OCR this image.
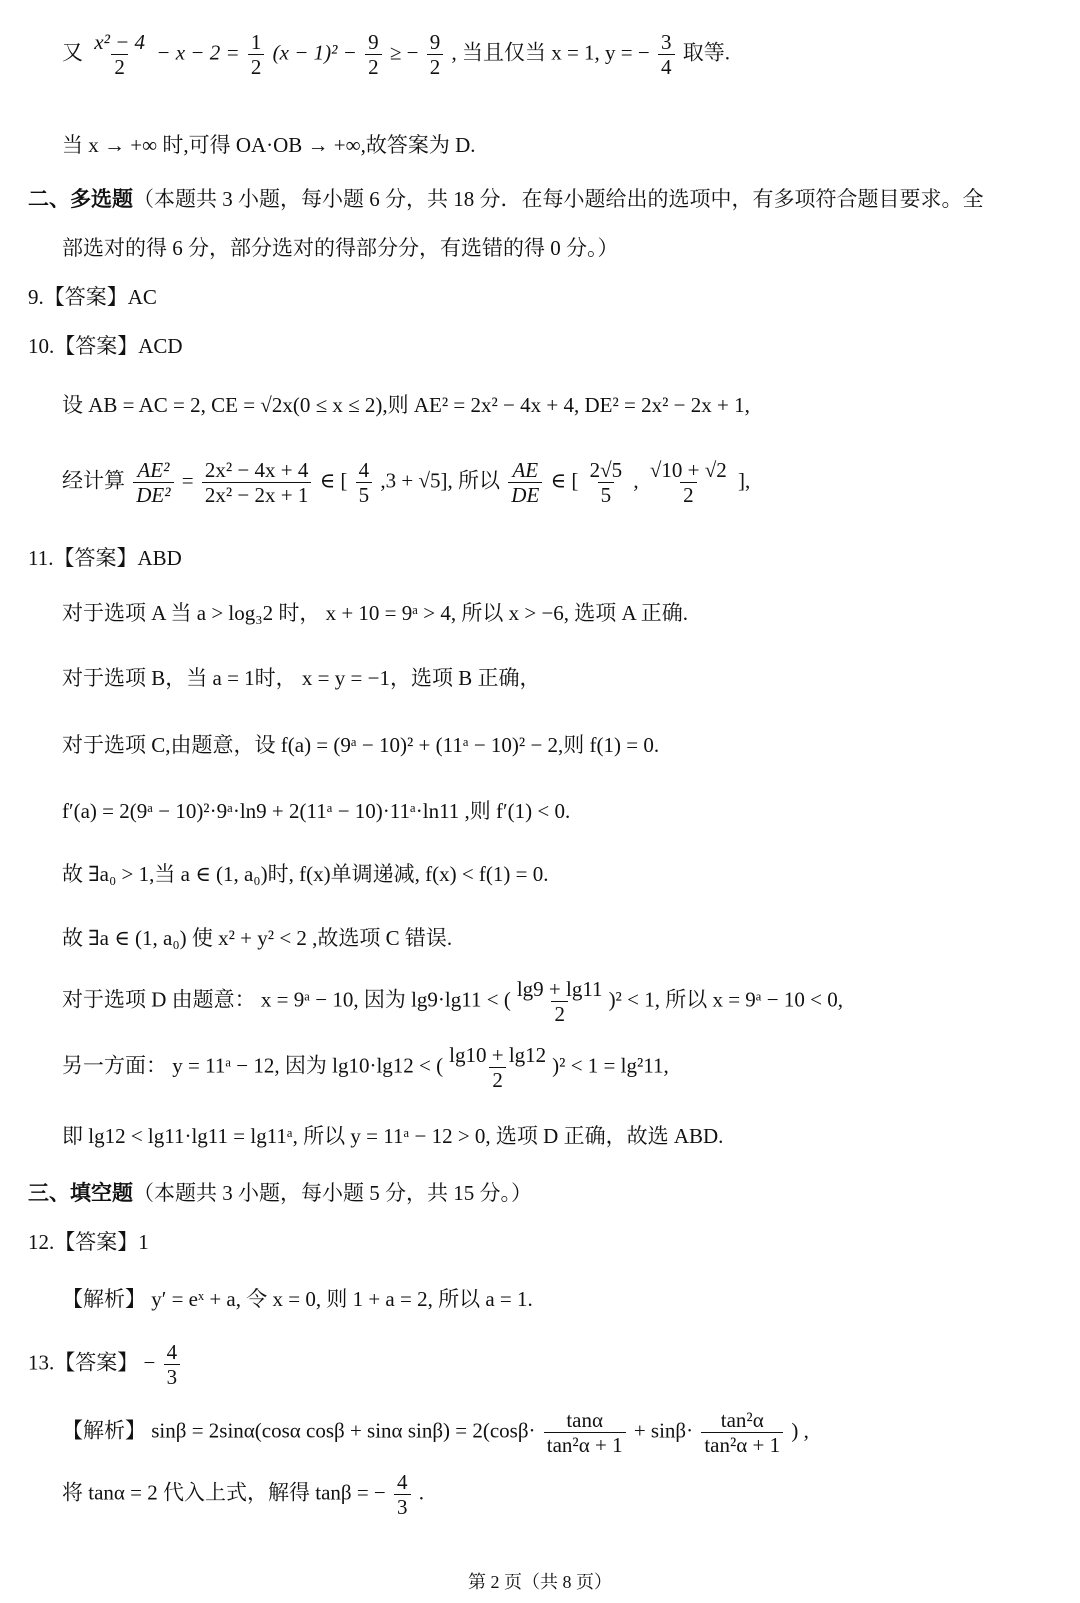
又 $\frac{\text{x² − 4}}{2} - x - 2 = \frac{1}{2} (x - 1)^2 - \frac{9}{2}$ ≥ − $\frac{9}{2}$ , 当且仅当 x = 1, y = − $\frac{3}{4}$ 取等.
当 x → +∞ 时,可得 OA·OB → +∞,故答案为 D.
二、多选题（本题共 3 小题，每小题 6 分，共 18 分．在每小题给出的选项中，有多项符合题目要求。全
部选对的得 6 分，部分选对的得部分分，有选错的得 0 分。）
9.【答案】AC
10.【答案】ACD
设 AB = AC = 2, CE = √2x(0 ≤ x ≤ 2),则 AE² = 2x² − 4x + 4, DE² = 2x² − 2x + 1,
经计算 $\frac{\text{AE²}}{\text{DE²}} = \frac{\text{2x² − 4x + 4}}{\text{2x² − 2x + 1}}$ ∈ [ $\frac{4}{5} ,3 + √5$], 所以 $\frac{AE}{DE}$ ∈ [ $\frac{2√5}{5}$ , $\frac{√10 + √2}{2}$ ],
11.【答案】ABD
对于选项 A 当 a > log₃2 时， x + 10 = 9ᵃ > 4, 所以 x > −6, 选项 A 正确.
对于选项 B，当 a = 1时， x = y = −1，选项 B 正确，
对于选项 C,由题意，设 f(a) = (9ᵃ − 10)² + (11ᵃ − 10)² − 2,则 f(1) = 0.
f′(a) = 2(9ᵃ − 10)²·9ᵃ·ln9 + 2(11ᵃ − 10)·11ᵃ·ln11 ,则 f′(1) < 0.
故 ∃a₀ > 1,当 a ∈ (1, a₀)时, f(x)单调递减, f(x) < f(1) = 0.
故 ∃a ∈ (1, a₀) 使 x² + y² < 2 ,故选项 C 错误.
对于选项 D 由题意： x = 9ᵃ − 10, 因为 lg9·lg11 < ( $\frac{\lg 9 + \lg 11}{2} )^2 < 1$, 所以 x = 9ᵃ − 10 < 0,
另一方面： y = 11ᵃ − 12, 因为 lg10·lg12 < ( $\frac{\lg 10 + \lg 12}{2} )^2 < 1 = \lg^211$,
即 lg12 < lg11·lg11 = lg11ᵃ, 所以 y = 11ᵃ − 12 > 0, 选项 D 正确，故选 ABD.
三、填空题（本题共 3 小题，每小题 5 分，共 15 分。）
12.【答案】1
【解析】 y′ = eˣ + a, 令 x = 0, 则 1 + a = 2, 所以 a = 1.
13.【答案】 − $\frac{4}{3}$
【解析】 sinβ = 2sinα(cosα cosβ + sinα $\sin\beta) = 2(\cos\beta\cdot \frac{\tan\alpha}{\text{tan²α + 1}} + \sin\beta\cdot \frac{\text{tan²α}}{\text{tan²α + 1}}$ ) ,
将 tanα = 2 代入上式，解得 tanβ = − $\frac{4}{3}$ .
第 2 页（共 8 页）
